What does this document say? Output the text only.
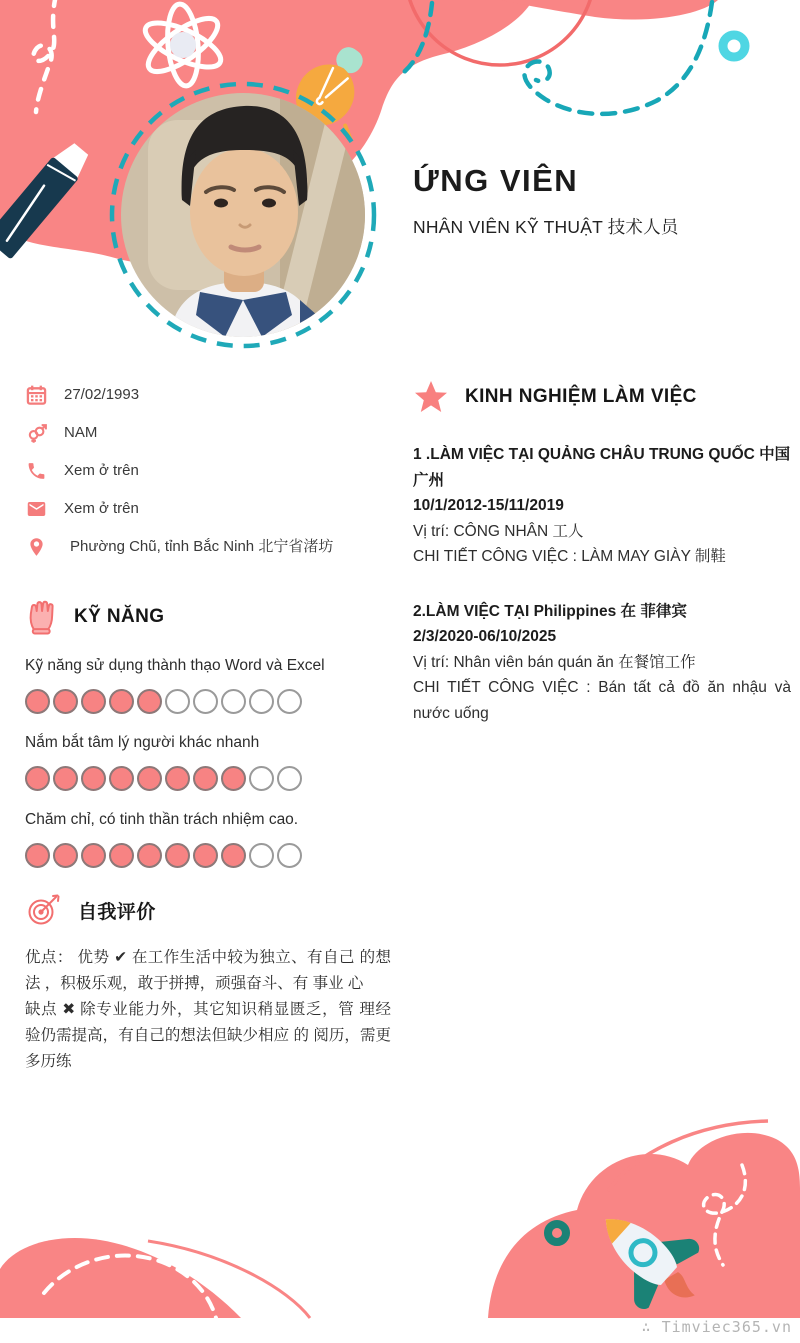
ỨNG VIÊN
NHÂN VIÊN KỸ THUẬT 技术人员
27/02/1993
NAM
Xem ở trên
Xem ở trên
Phường Chũ, tỉnh Bắc Ninh 北宁省渚坊
KINH NGHIỆM LÀM VIỆC
1 .LÀM VIỆC TẠI QUẢNG CHÂU TRUNG QUỐC 中国广州
10/1/2012-15/11/2019
Vị trí: CÔNG NHÂN 工人
CHI TIẾT CÔNG VIỆC : LÀM MAY GIÀY 制鞋
2.LÀM VIỆC TẠI Philippines 在 菲律宾
2/3/2020-06/10/2025
Vị trí: Nhân viên bán quán ăn 在餐馆工作
CHI TIẾT CÔNG VIỆC : Bán tất cả đồ ăn nhậu và nước uống
KỸ NĂNG
Kỹ năng sử dụng thành thạo Word và Excel
Nắm bắt tâm lý người khác nhanh
Chăm chỉ, có tinh thần trách nhiệm cao.
自我评价
优点： 优势 ✔ 在工作生活中较为独立、有自己 的想法 ，积极乐观，敢于拼搏，顽强奋斗、有 事业 心
缺点 ✖ 除专业能力外，其它知识稍显匮乏，管 理经验仍需提高，有自己的想法但缺少相应 的 阅历，需更多历练
∴ Timviec365.vn
